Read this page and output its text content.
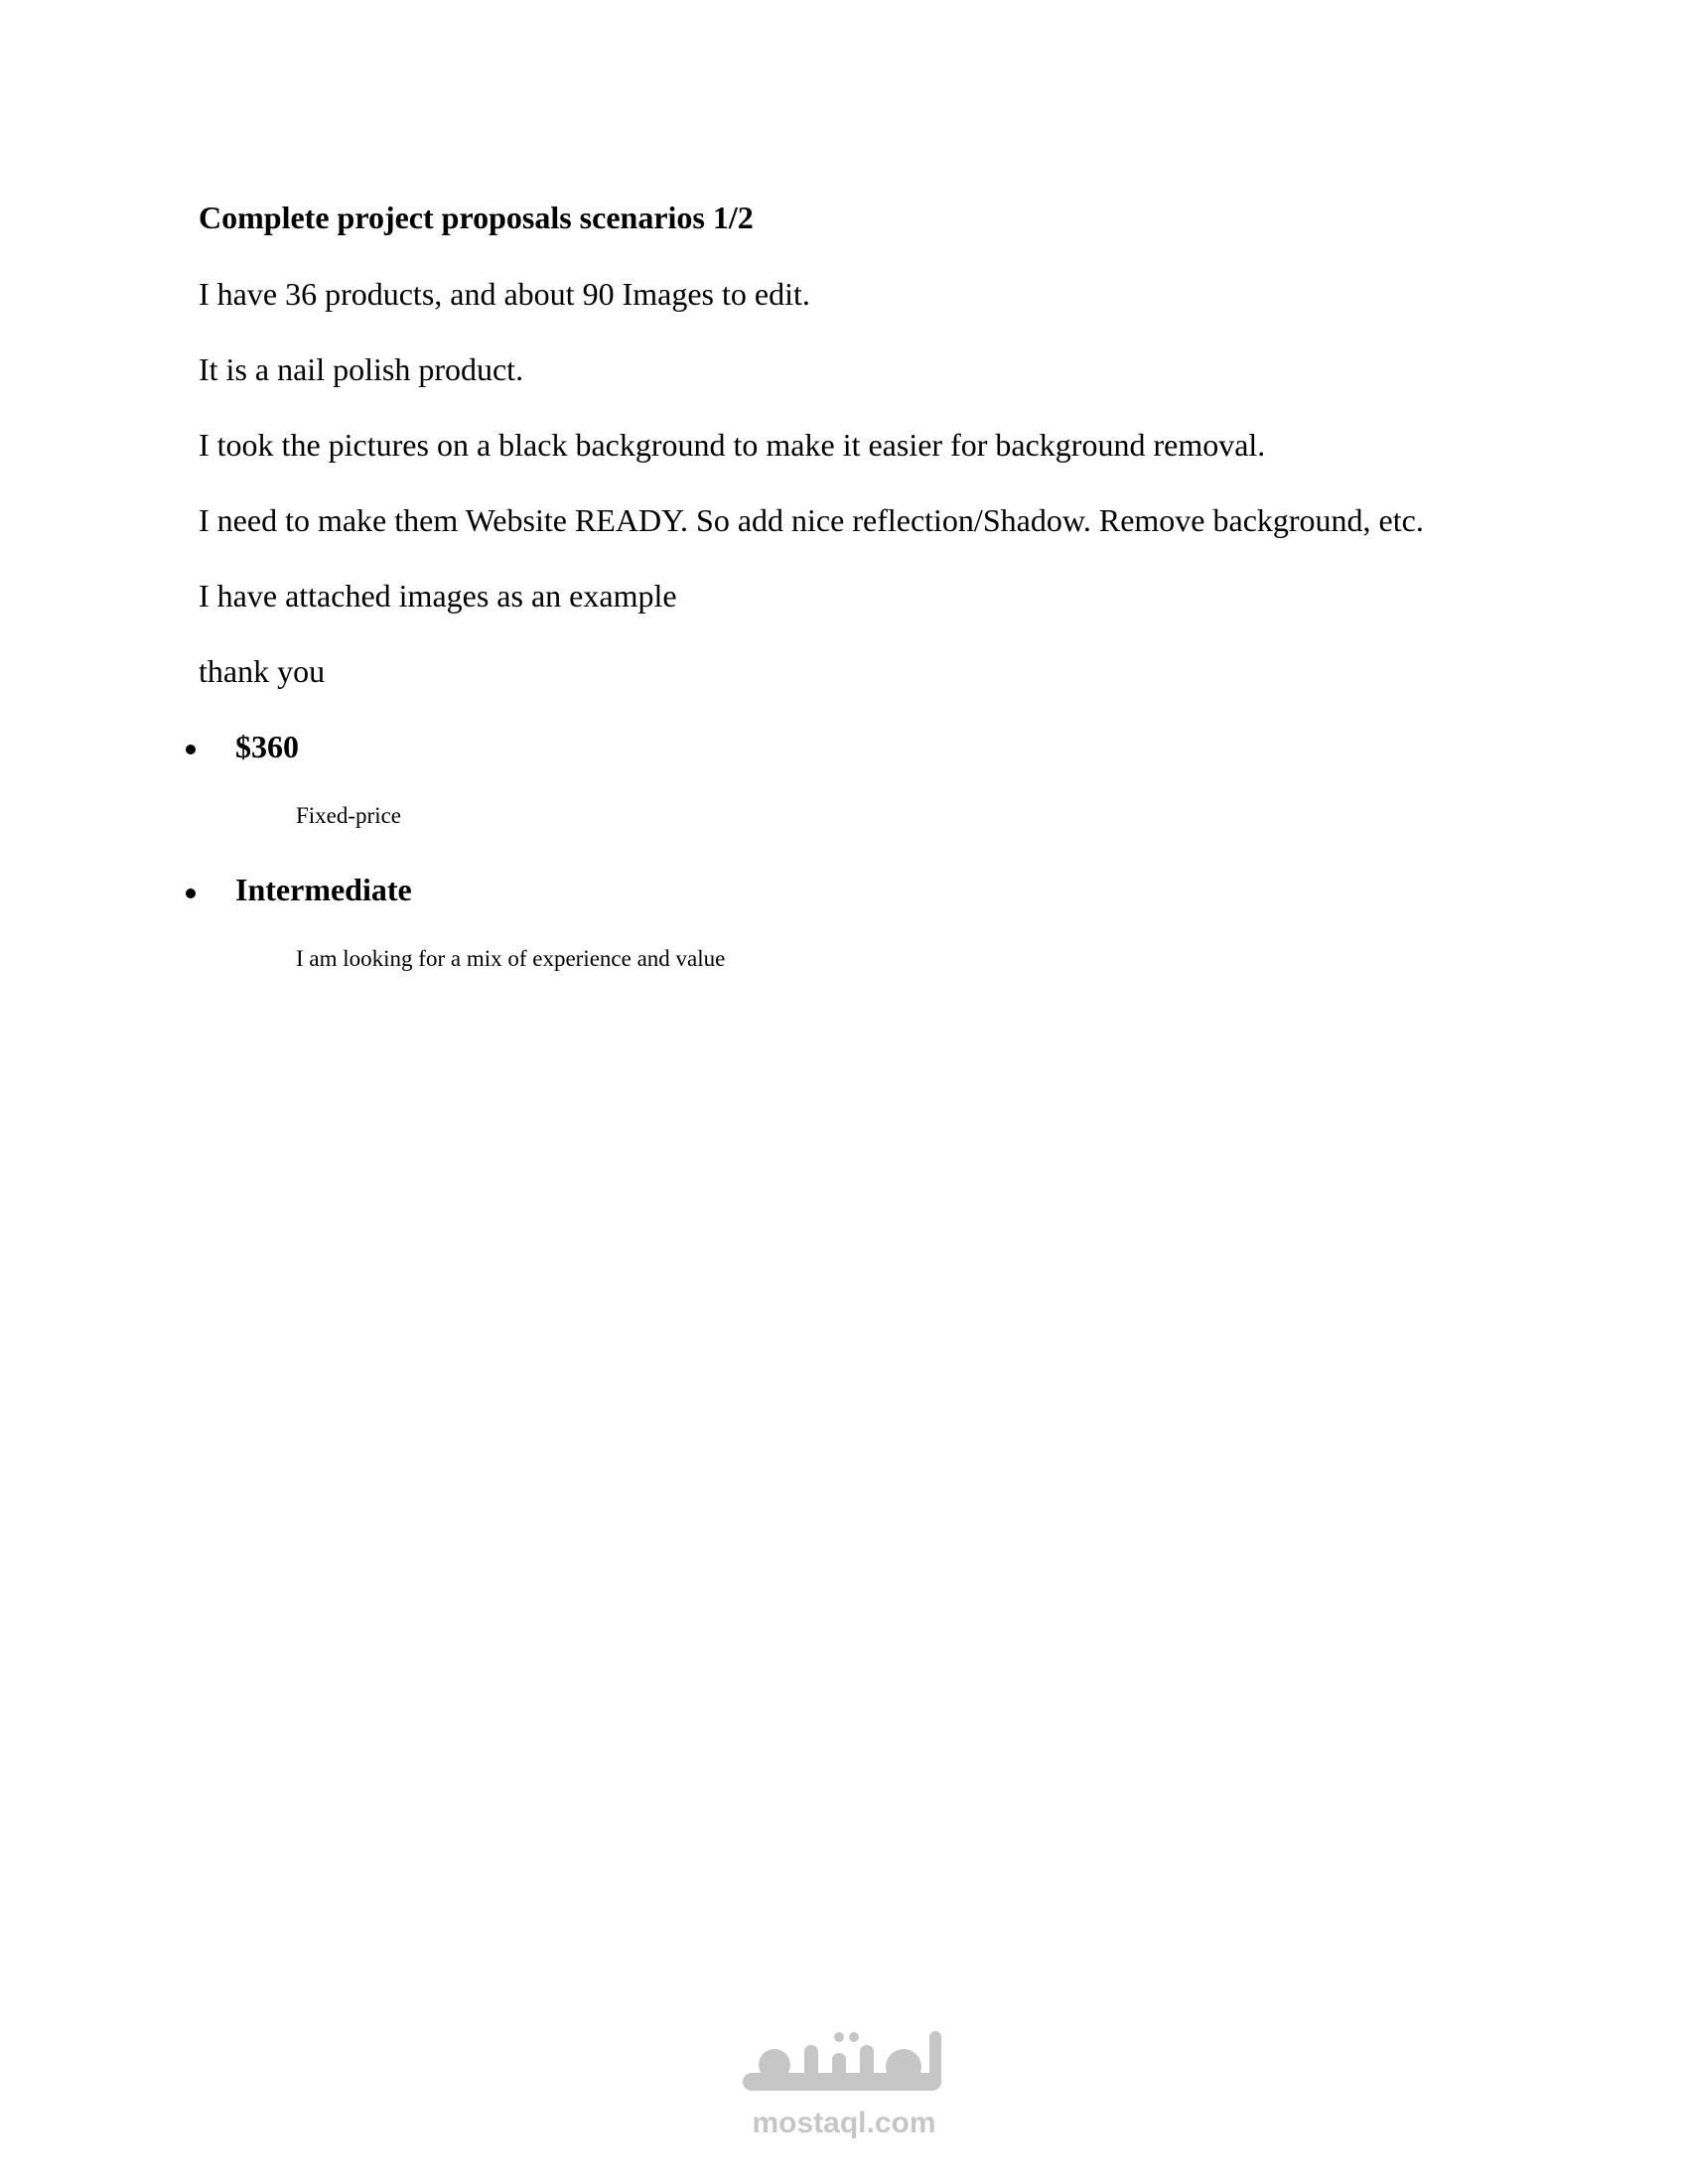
Complete project proposals scenarios 1/2
I have 36 products, and about 90 Images to edit.
It is a nail polish product.
I took the pictures on a black background to make it easier for background removal.
I need to make them Website READY. So add nice reflection/Shadow. Remove background, etc.
I have attached images as an example
thank you
$360
Fixed-price
Intermediate
I am looking for a mix of experience and value
mostaql.com
